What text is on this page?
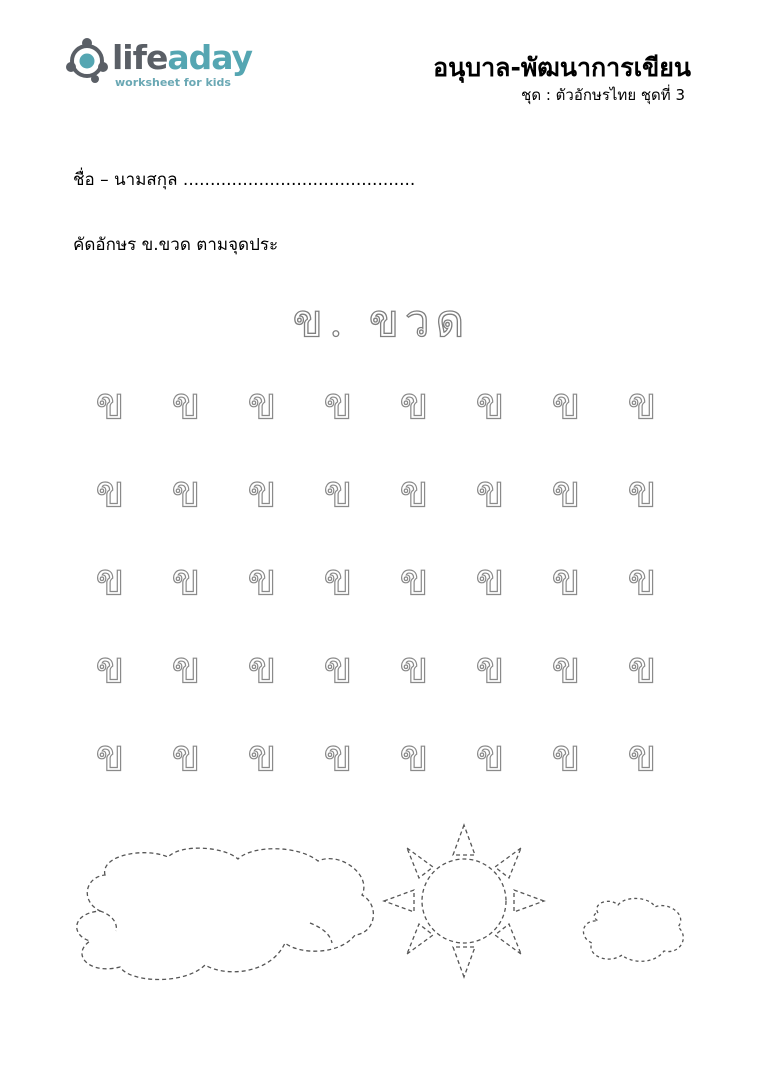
lifeaday
worksheet for kids
อนุบาล-พัฒนาการเขียน
ชุด : ตัวอักษรไทย ชุดที่ 3
ชื่อ – นามสกุล ...........................................
คัดอักษร ข.ขวด ตามจุดประ
ข. ขวด
ข	ข	ข	ข	ข	ข	ข	ข
ข	ข	ข	ข	ข	ข	ข	ข
ข	ข	ข	ข	ข	ข	ข	ข
ข	ข	ข	ข	ข	ข	ข	ข
ข	ข	ข	ข	ข	ข	ข	ข
